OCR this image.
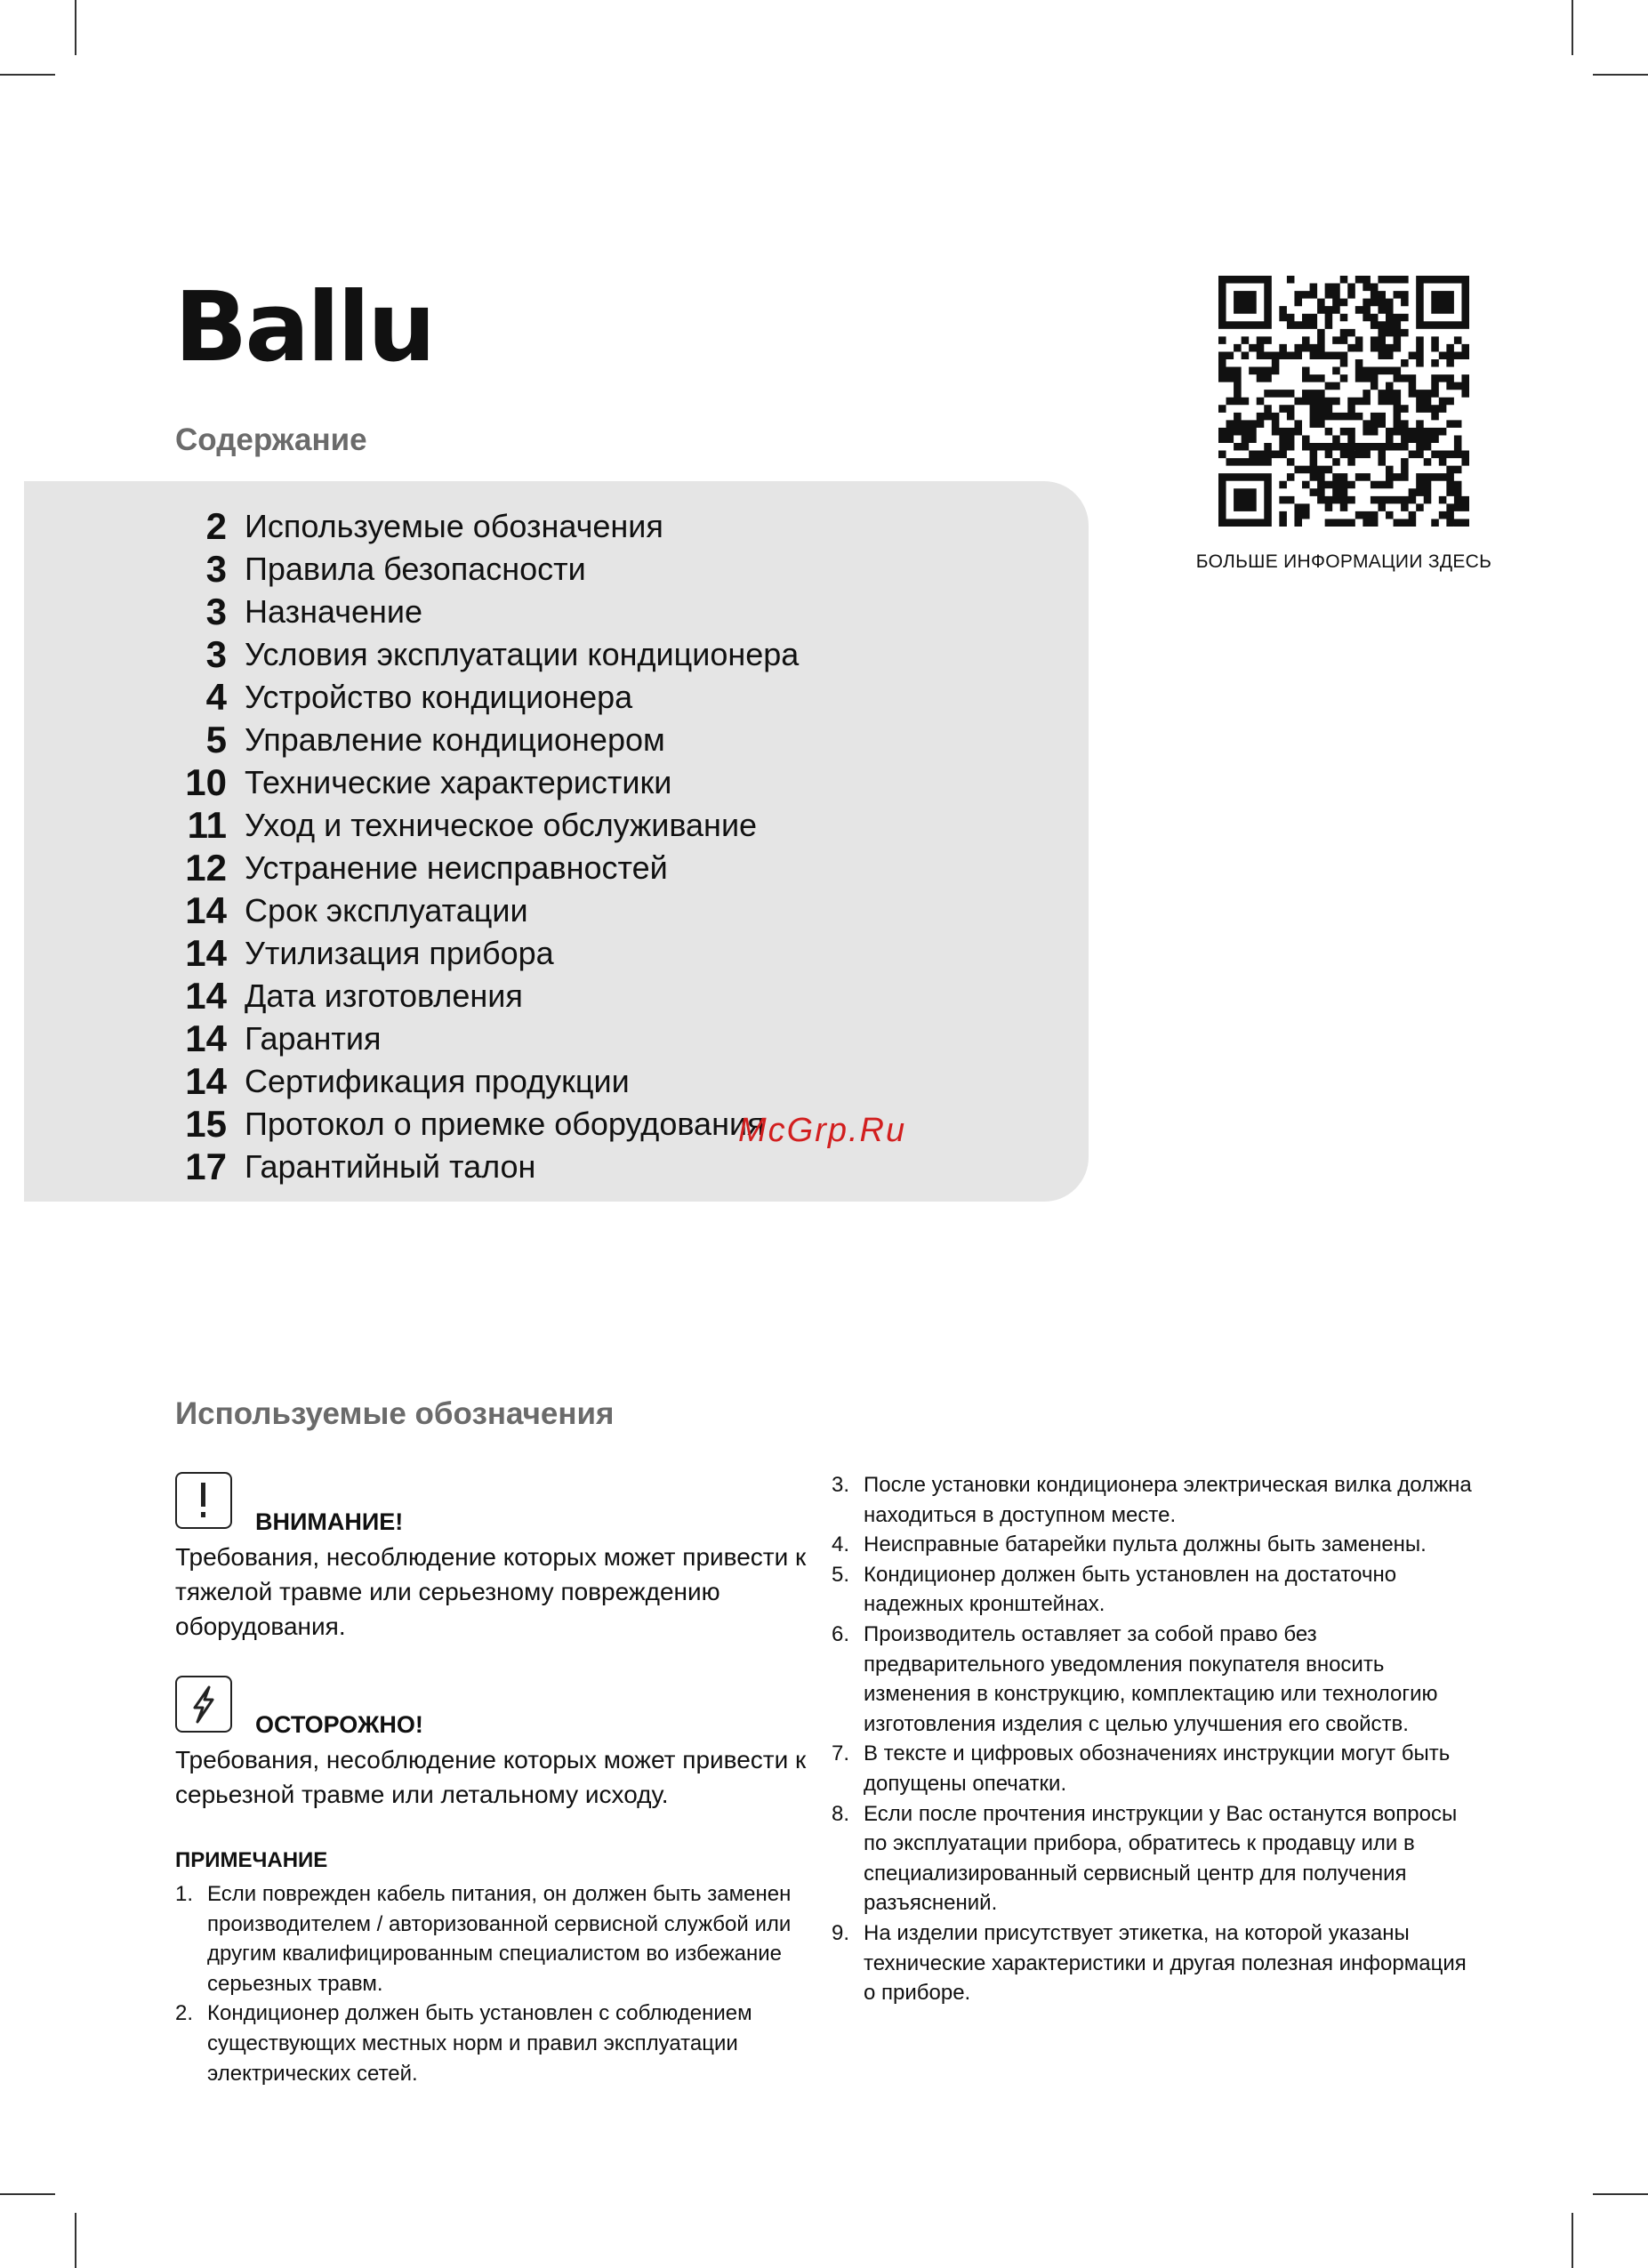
Ballu
Содержание
2 Используемые обозначения
3 Правила безопасности
3 Назначение
3 Условия эксплуатации кондиционера
4 Устройство кондиционера
5 Управление кондиционером
10 Технические характеристики
11 Уход и техническое обслуживание
12 Устранение неисправностей
14 Срок эксплуатации
14 Утилизация прибора
14 Дата изготовления
14 Гарантия
14 Сертификация продукции
15 Протокол о приемке оборудования
17 Гарантийный талон
БОЛЬШЕ ИНФОРМАЦИИ ЗДЕСЬ
McGrp.Ru
Используемые обозначения
ВНИМАНИЕ!

Требования, несоблюдение которых может привести к тяжелой травме или серьезному повреждению оборудования.

ОСТОРОЖНО!

Требования, несоблюдение которых может привести к серьезной травме или летальному исходу.

ПРИМЕЧАНИЕ
1. Если поврежден кабель питания, он должен быть заменен производителем / авторизованной сервисной службой или другим квалифицированным специалистом во избежание серьезных травм.
2. Кондиционер должен быть установлен с соблюдением существующих местных норм и правил эксплуатации электрических сетей.
3. После установки кондиционера электрическая вилка должна находиться в доступном месте.
4. Неисправные батарейки пульта должны быть заменены.
5. Кондиционер должен быть установлен на достаточно надежных кронштейнах.
6. Производитель оставляет за собой право без предварительного уведомления покупателя вносить изменения в конструкцию, комплектацию или технологию изготовления изделия с целью улучшения его свойств.
7. В тексте и цифровых обозначениях инструкции могут быть допущены опечатки.
8. Если после прочтения инструкции у Вас останутся вопросы по эксплуатации прибора, обратитесь к продавцу или в специализированный сервисный центр для получения разъяснений.
9. На изделии присутствует этикетка, на которой указаны технические характеристики и другая полезная информация о приборе.
